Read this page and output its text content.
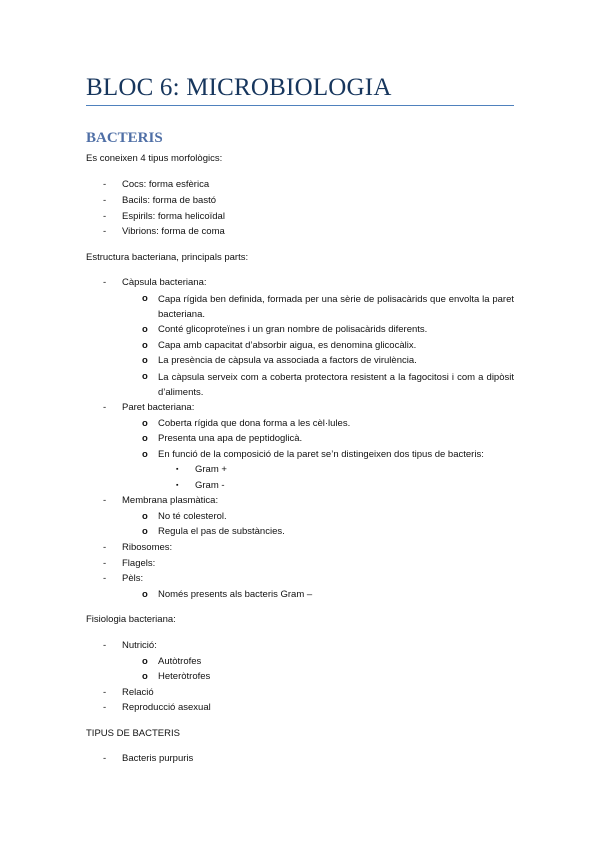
BLOC 6: MICROBIOLOGIA
BACTERIS
Es coneixen 4 tipus morfològics:
- Cocs: forma esfèrica
- Bacils: forma de bastó
- Espirils: forma helicoïdal
- Vibrions: forma de coma
Estructura bacteriana, principals parts:
- Càpsula bacteriana:
o Capa rígida ben definida, formada per una sèrie de polisacàrids que envolta la paret bacteriana.
o Conté glicoproteïnes i un gran nombre de polisacàrids diferents.
o Capa amb capacitat d’absorbir aigua, es denomina glicocàlix.
o La presència de càpsula va associada a factors de virulència.
o La càpsula serveix com a coberta protectora resistent a la fagocitosi i com a dipòsit d’aliments.
- Paret bacteriana:
o Coberta rígida que dona forma a les cèl·lules.
o Presenta una apa de peptidoglicà.
o En funció de la composició de la paret se’n distingeixen dos tipus de bacteris:
▪ Gram +
▪ Gram -
- Membrana plasmàtica:
o No té colesterol.
o Regula el pas de substàncies.
- Ribosomes:
- Flagels:
- Pèls:
o Només presents als bacteris Gram –
Fisiologia bacteriana:
- Nutrició:
o Autòtrofes
o Heteròtrofes
- Relació
- Reproducció asexual
TIPUS DE BACTERIS
- Bacteris purpuris
